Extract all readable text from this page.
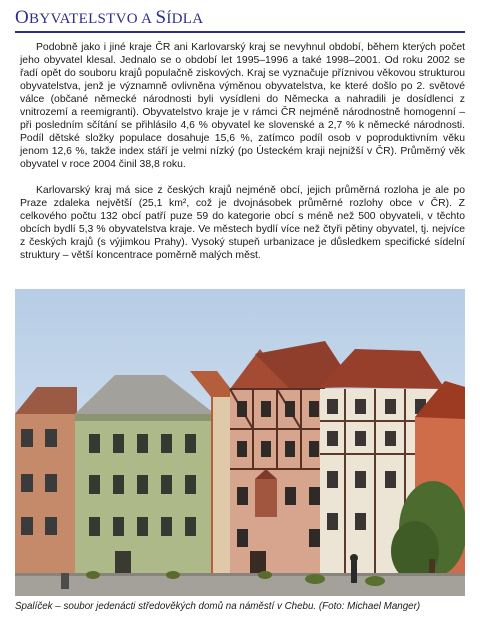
OBYVATELSTVO A SÍDLA

Podobně jako i jiné kraje ČR ani Karlovarský kraj se nevyhnul období, během kterých počet jeho obyvatel klesal. Jednalo se o období let 1995–1996 a také 1998–2001. Od roku 2002 se řadí opět do souboru krajů populačně ziskových. Kraj se vyznačuje příznivou věkovou strukturou obyvatelstva, jenž je významně ovlivněna výměnou obyvatelstva, ke které došlo po 2. světové válce (občané německé národnosti byli vysídleni do Německa a nahradili je dosídlenci z vnitrozemí a reemigranti). Obyvatelstvo kraje je v rámci ČR nejméně národnostně homogenní – při posledním sčítání se přihlásilo 4,6 % obyvatel ke slovenské a 2,7 % k německé národnosti. Podíl dětské složky populace dosahuje 15,6 %, zatímco podíl osob v poproduktivním věku jenom 12,6 %, takže index stáří je velmi nízký (po Ústeckém kraji nejnižší v ČR). Průměrný věk obyvatel v roce 2004 činil 38,8 roku.

Karlovarský kraj má sice z českých krajů nejméně obcí, jejich průměrná rozloha je ale po Praze zdaleka největší (25,1 km², což je dvojnásobek průměrné rozlohy obce v ČR). Z celkového počtu 132 obcí patří puze 59 do kategorie obcí s méně než 500 obyvateli, v těchto obcích bydlí 5,3 % obyvatelstva kraje. Ve městech bydlí více než čtyři pětiny obyvatel, tj. nejvíce z českých krajů (s výjimkou Prahy). Vysoký stupeň urbanizace je důsledkem specifické sídelní struktury – větší koncentrace poměrně malých měst.

Špalíček – soubor jedenácti středověkých domů na náměstí v Chebu. (Foto: Michael Manger)
